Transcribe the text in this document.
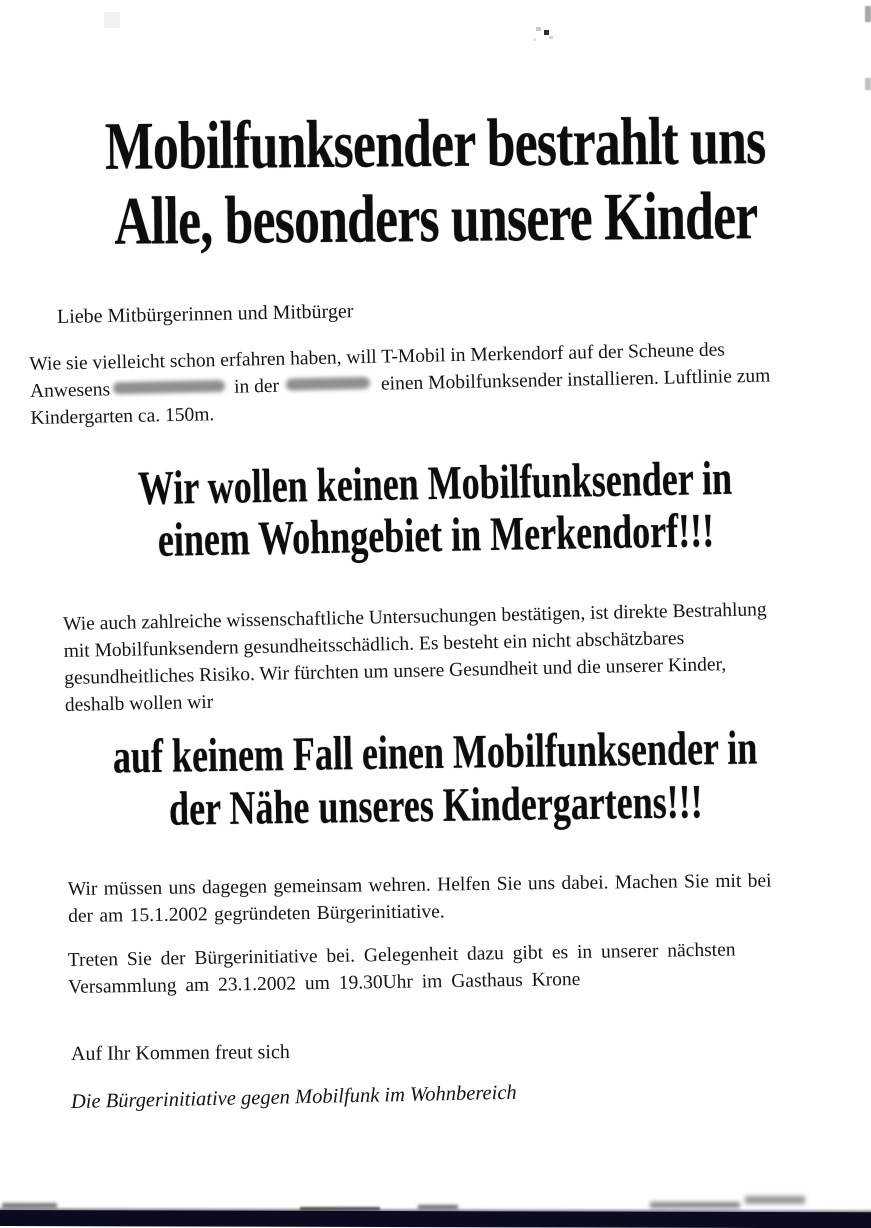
Mobilfunksender bestrahlt uns
Alle, besonders unsere Kinder
Liebe Mitbürgerinnen und Mitbürger
Wie sie vielleicht schon erfahren haben, will T-Mobil in Merkendorf auf der Scheune des
Anwesens	in der	einen Mobilfunksender installieren. Luftlinie zum
Kindergarten ca. 150m.
Wir wollen keinen Mobilfunksender in
einem Wohngebiet in Merkendorf!!!
Wie auch zahlreiche wissenschaftliche Untersuchungen bestätigen, ist direkte Bestrahlung
mit Mobilfunksendern gesundheitsschädlich. Es besteht ein nicht abschätzbares
gesundheitliches Risiko. Wir fürchten um unsere Gesundheit und die unserer Kinder,
deshalb wollen wir
auf keinem Fall einen Mobilfunksender in
der Nähe unseres Kindergartens!!!
Wir müssen uns dagegen gemeinsam wehren. Helfen Sie uns dabei. Machen Sie mit bei
der am 15.1.2002 gegründeten Bürgerinitiative.
Treten Sie der Bürgerinitiative bei. Gelegenheit dazu gibt es in unserer nächsten
Versammlung am 23.1.2002 um 19.30Uhr im Gasthaus Krone
Auf Ihr Kommen freut sich
Die Bürgerinitiative gegen Mobilfunk im Wohnbereich
